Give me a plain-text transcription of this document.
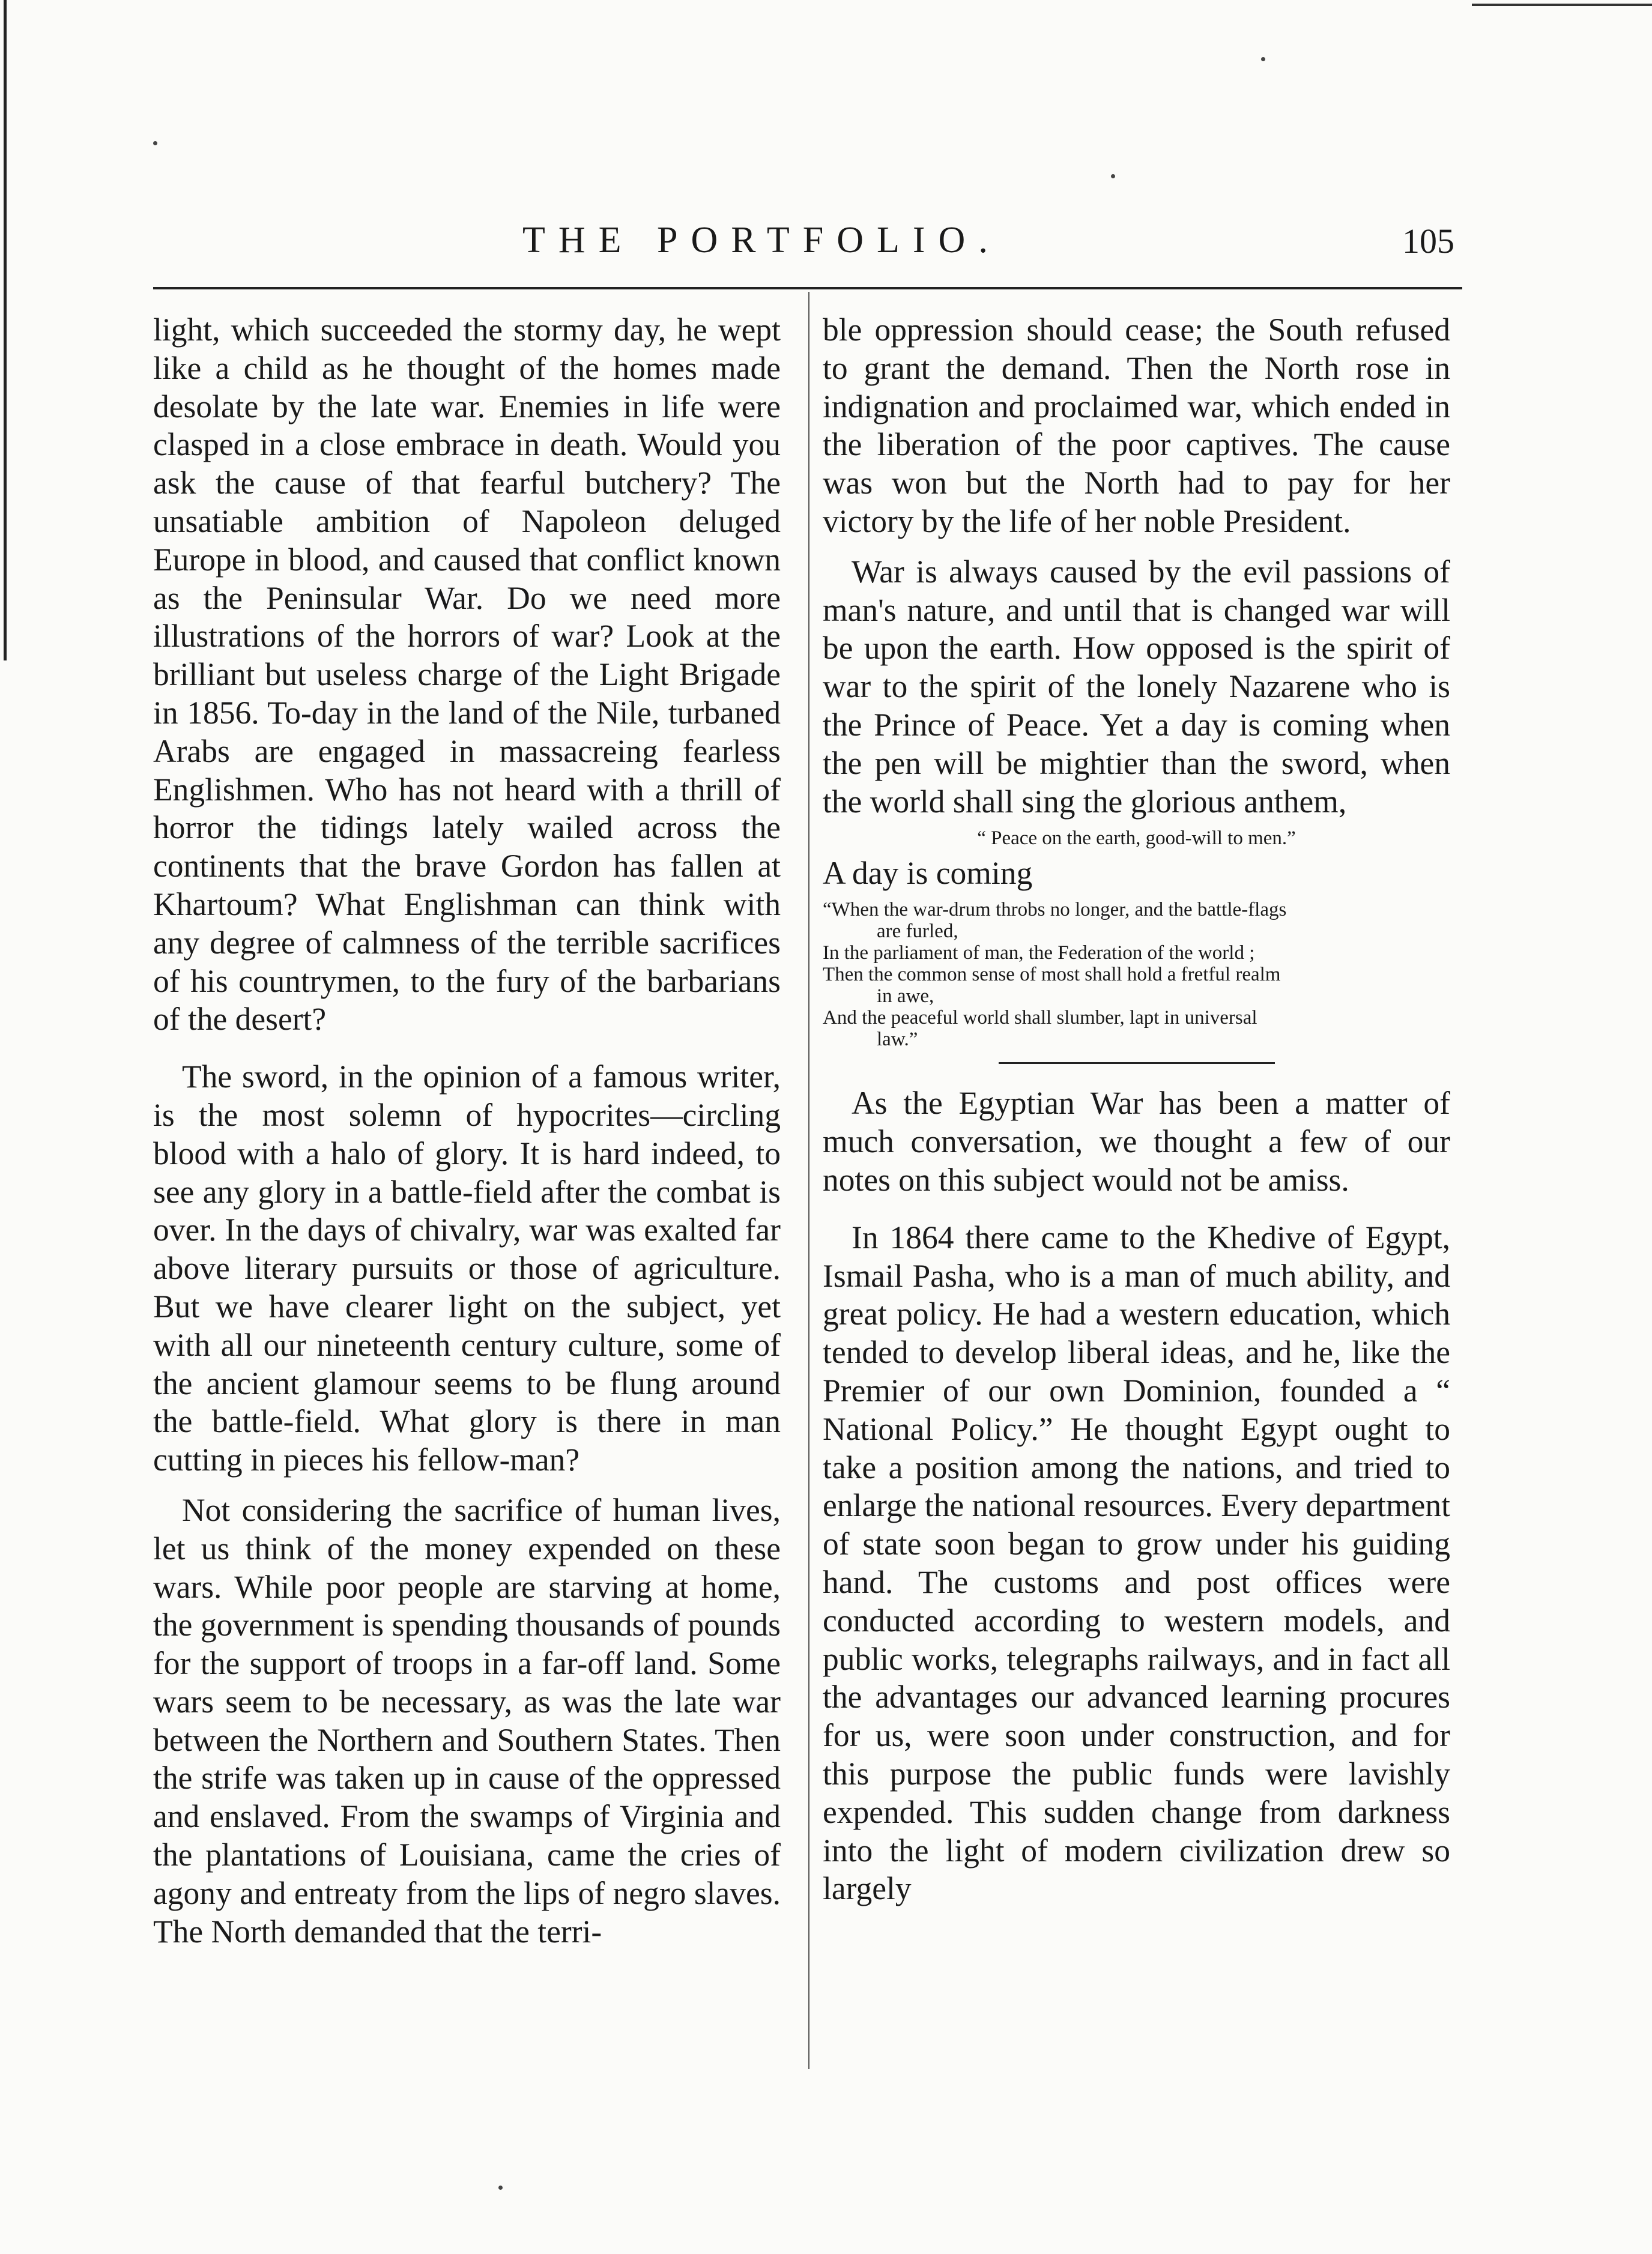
THE PORTFOLIO.	105

light, which succeeded the stormy day, he wept like a child as he thought of the homes made desolate by the late war. Enemies in life were clasped in a close embrace in death. Would you ask the cause of that fearful butchery? The unsatiable ambition of Napoleon deluged Europe in blood, and caused that conflict known as the Peninsular War. Do we need more illustrations of the horrors of war? Look at the brilliant but useless charge of the Light Brigade in 1856. To-day in the land of the Nile, turbaned Arabs are engaged in massacreing fearless Englishmen. Who has not heard with a thrill of horror the tidings lately wailed across the continents that the brave Gordon has fallen at Khartoum? What Englishman can think with any degree of calmness of the terrible sacrifices of his countrymen, to the fury of the barbarians of the desert?

The sword, in the opinion of a famous writer, is the most solemn of hypocrites—circling blood with a halo of glory. It is hard indeed, to see any glory in a battle-field after the combat is over. In the days of chivalry, war was exalted far above literary pursuits or those of agriculture. But we have clearer light on the subject, yet with all our nineteenth century culture, some of the ancient glamour seems to be flung around the battle-field. What glory is there in man cutting in pieces his fellow-man?

Not considering the sacrifice of human lives, let us think of the money expended on these wars. While poor people are starving at home, the government is spending thousands of pounds for the support of troops in a far-off land. Some wars seem to be necessary, as was the late war between the Northern and Southern States. Then the strife was taken up in cause of the oppressed and enslaved. From the swamps of Virginia and the plantations of Louisiana, came the cries of agony and entreaty from the lips of negro slaves. The North demanded that the terri-

ble oppression should cease; the South refused to grant the demand. Then the North rose in indignation and proclaimed war, which ended in the liberation of the poor captives. The cause was won but the North had to pay for her victory by the life of her noble President.

War is always caused by the evil passions of man's nature, and until that is changed war will be upon the earth. How opposed is the spirit of war to the spirit of the lonely Nazarene who is the Prince of Peace. Yet a day is coming when the pen will be mightier than the sword, when the world shall sing the glorious anthem,

“ Peace on the earth, good-will to men.”

A day is coming

“When the war-drum throbs no longer, and the battle-flags
are furled,
In the parliament of man, the Federation of the world ;
Then the common sense of most shall hold a fretful realm
in awe,
And the peaceful world shall slumber, lapt in universal
law.”

As the Egyptian War has been a matter of much conversation, we thought a few of our notes on this subject would not be amiss.

In 1864 there came to the Khedive of Egypt, Ismail Pasha, who is a man of much ability, and great policy. He had a western education, which tended to develop liberal ideas, and he, like the Premier of our own Dominion, founded a “ National Policy.” He thought Egypt ought to take a position among the nations, and tried to enlarge the national resources. Every department of state soon began to grow under his guiding hand. The customs and post offices were conducted according to western models, and public works, telegraphs railways, and in fact all the advantages our advanced learning procures for us, were soon under construction, and for this purpose the public funds were lavishly expended. This sudden change from darkness into the light of modern civilization drew so largely
